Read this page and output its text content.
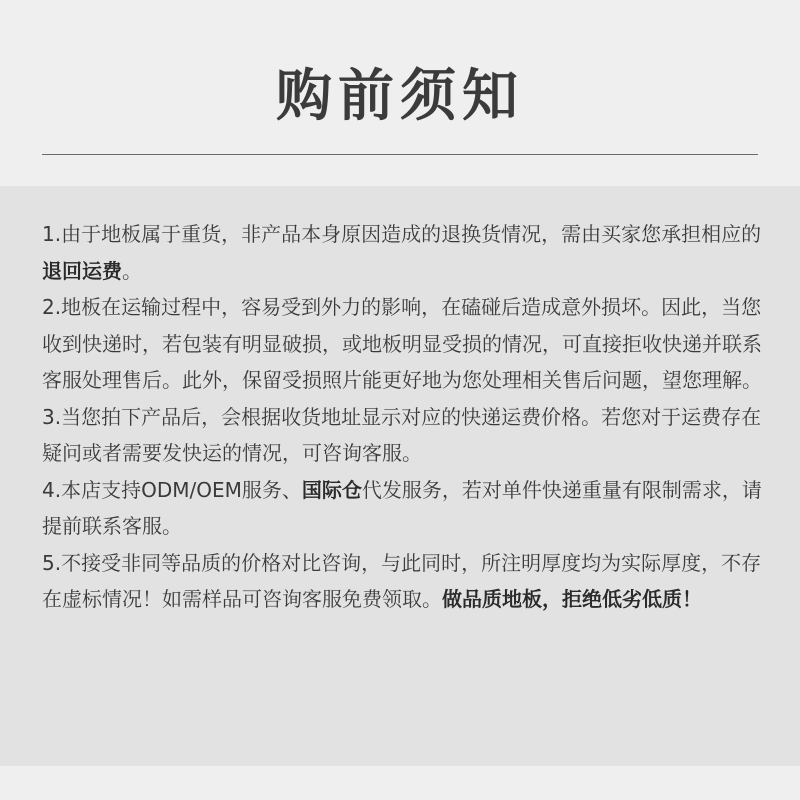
购前须知
1.由于地板属于重货，非产品本身原因造成的退换货情况，需由买家您承担相应的退回运费。
2.地板在运输过程中，容易受到外力的影响，在磕碰后造成意外损坏。因此，当您收到快递时，若包装有明显破损，或地板明显受损的情况，可直接拒收快递并联系客服处理售后。此外，保留受损照片能更好地为您处理相关售后问题，望您理解。
3.当您拍下产品后，会根据收货地址显示对应的快递运费价格。若您对于运费存在疑问或者需要发快运的情况，可咨询客服。
4.本店支持ODM/OEM服务、国际仓代发服务，若对单件快递重量有限制需求，请提前联系客服。
5.不接受非同等品质的价格对比咨询，与此同时，所注明厚度均为实际厚度，不存在虚标情况！如需样品可咨询客服免费领取。做品质地板，拒绝低劣低质！
